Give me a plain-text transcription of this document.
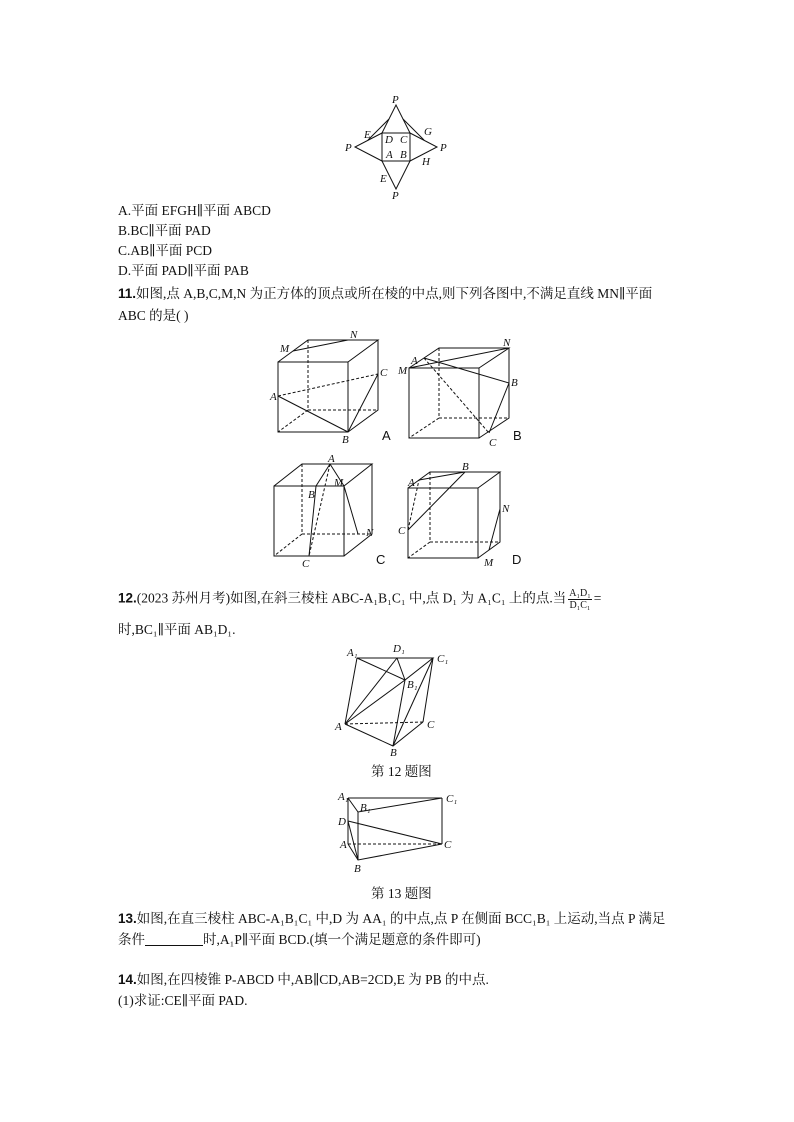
P
P	P
P
E D C
G
A B
H
E
A.平面 EFGH∥平面 ABCD
B.BC∥平面 PAD
C.AB∥平面 PCD
D.平面 PAD∥平面 PAB
11.如图,点 A,B,C,M,N 为正方体的顶点或所在棱的中点,则下列各图中,不满足直线 MN∥平面
ABC 的是( )
M
N
C
A
B	A
N
M
B
A
C B
A
B
M
N
C	C
B
A
N
C
M D
12.(2023 苏州月考)如图,在斜三棱柱 ABC-A₁B₁C₁ 中,点 D₁ 为 A₁C₁ 上的点.当 $\frac{\text{A₁D₁}}{\text{D₁C₁}}$ =
时,BC₁∥平面 AB₁D₁.
A₁	D₁
C₁
B₁
A	C
B
第 12 题图
A₁
B₁
C₁
D
A	C
B
第 13 题图
13.如图,在直三棱柱 ABC-A₁B₁C₁ 中,D 为 AA₁ 的中点,点 P 在侧面 BCC₁B₁ 上运动,当点 P 满足
条件	时,A₁P∥平面 BCD.(填一个满足题意的条件即可)
14.如图,在四棱锥 P-ABCD 中,AB∥CD,AB=2CD,E 为 PB 的中点.
(1)求证:CE∥平面 PAD.
